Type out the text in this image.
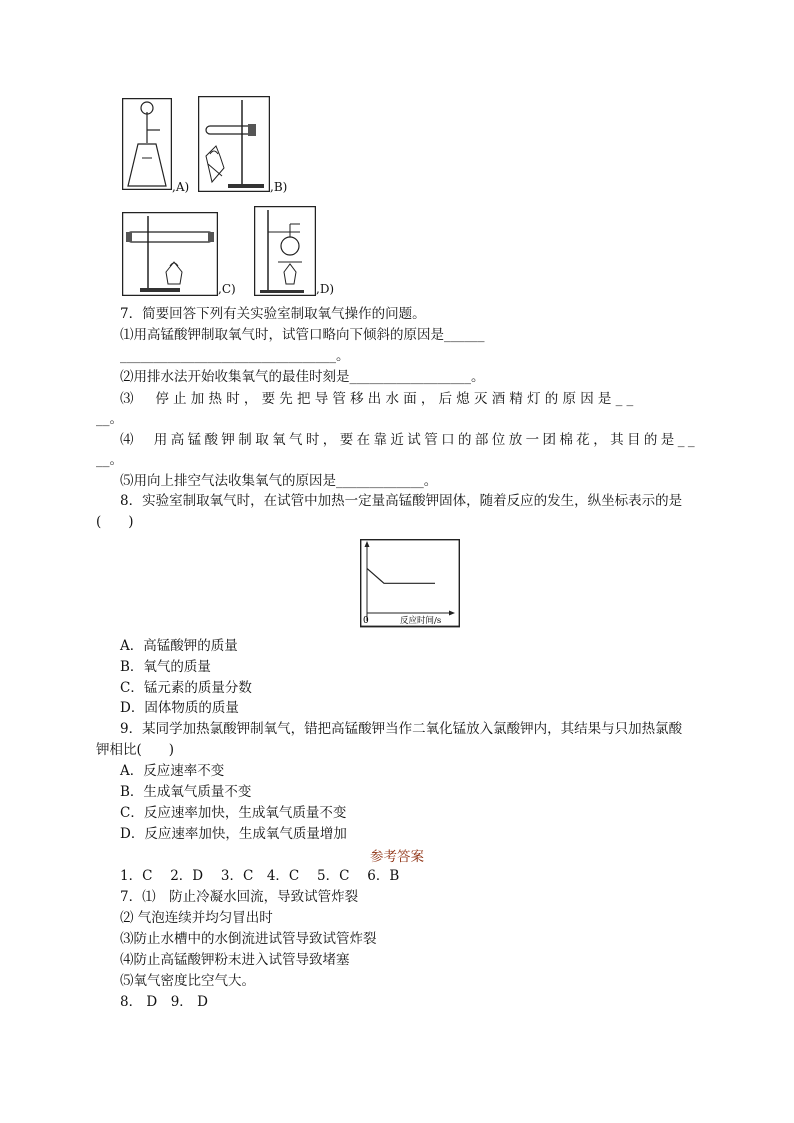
,A)	,B)
,C)	,D)
7．简要回答下列有关实验室制取氧气操作的问题。
⑴用高锰酸钾制取氧气时，试管口略向下倾斜的原因是______
________________________________。
⑵用排水法开始收集氧气的最佳时刻是__________________。
⑶　停止加热时，要先把导管移出水面，后熄灭酒精灯的原因是__
__。
⑷　用高锰酸钾制取氧气时，要在靠近试管口的部位放一团棉花，其目的是__
⑸用向上排空气法收集氧气的原因是_____________。
8．实验室制取氧气时，在试管中加热一定量高锰酸钾固体，随着反应的发生，纵坐标表示的是
(　　)
0	反应时间/s
A．高锰酸钾的质量
B．氧气的质量
C．锰元素的质量分数
D．固体物质的质量
9．某同学加热氯酸钾制氧气，错把高锰酸钾当作二氧化锰放入氯酸钾内，其结果与只加热氯酸
钾相比(　　)
A．反应速率不变
B．生成氧气质量不变
C．反应速率加快，生成氧气质量不变
D．反应速率加快，生成氧气质量增加
参考答案
1．C　 2．D　 3．C　4．C　 5．C　 6．B
7．⑴　防止冷凝水回流，导致试管炸裂
⑵ 气泡连续并均匀冒出时
⑶防止水槽中的水倒流进试管导致试管炸裂
⑷防止高锰酸钾粉末进入试管导致堵塞
⑸氧气密度比空气大。
8． D　9． D
__。
